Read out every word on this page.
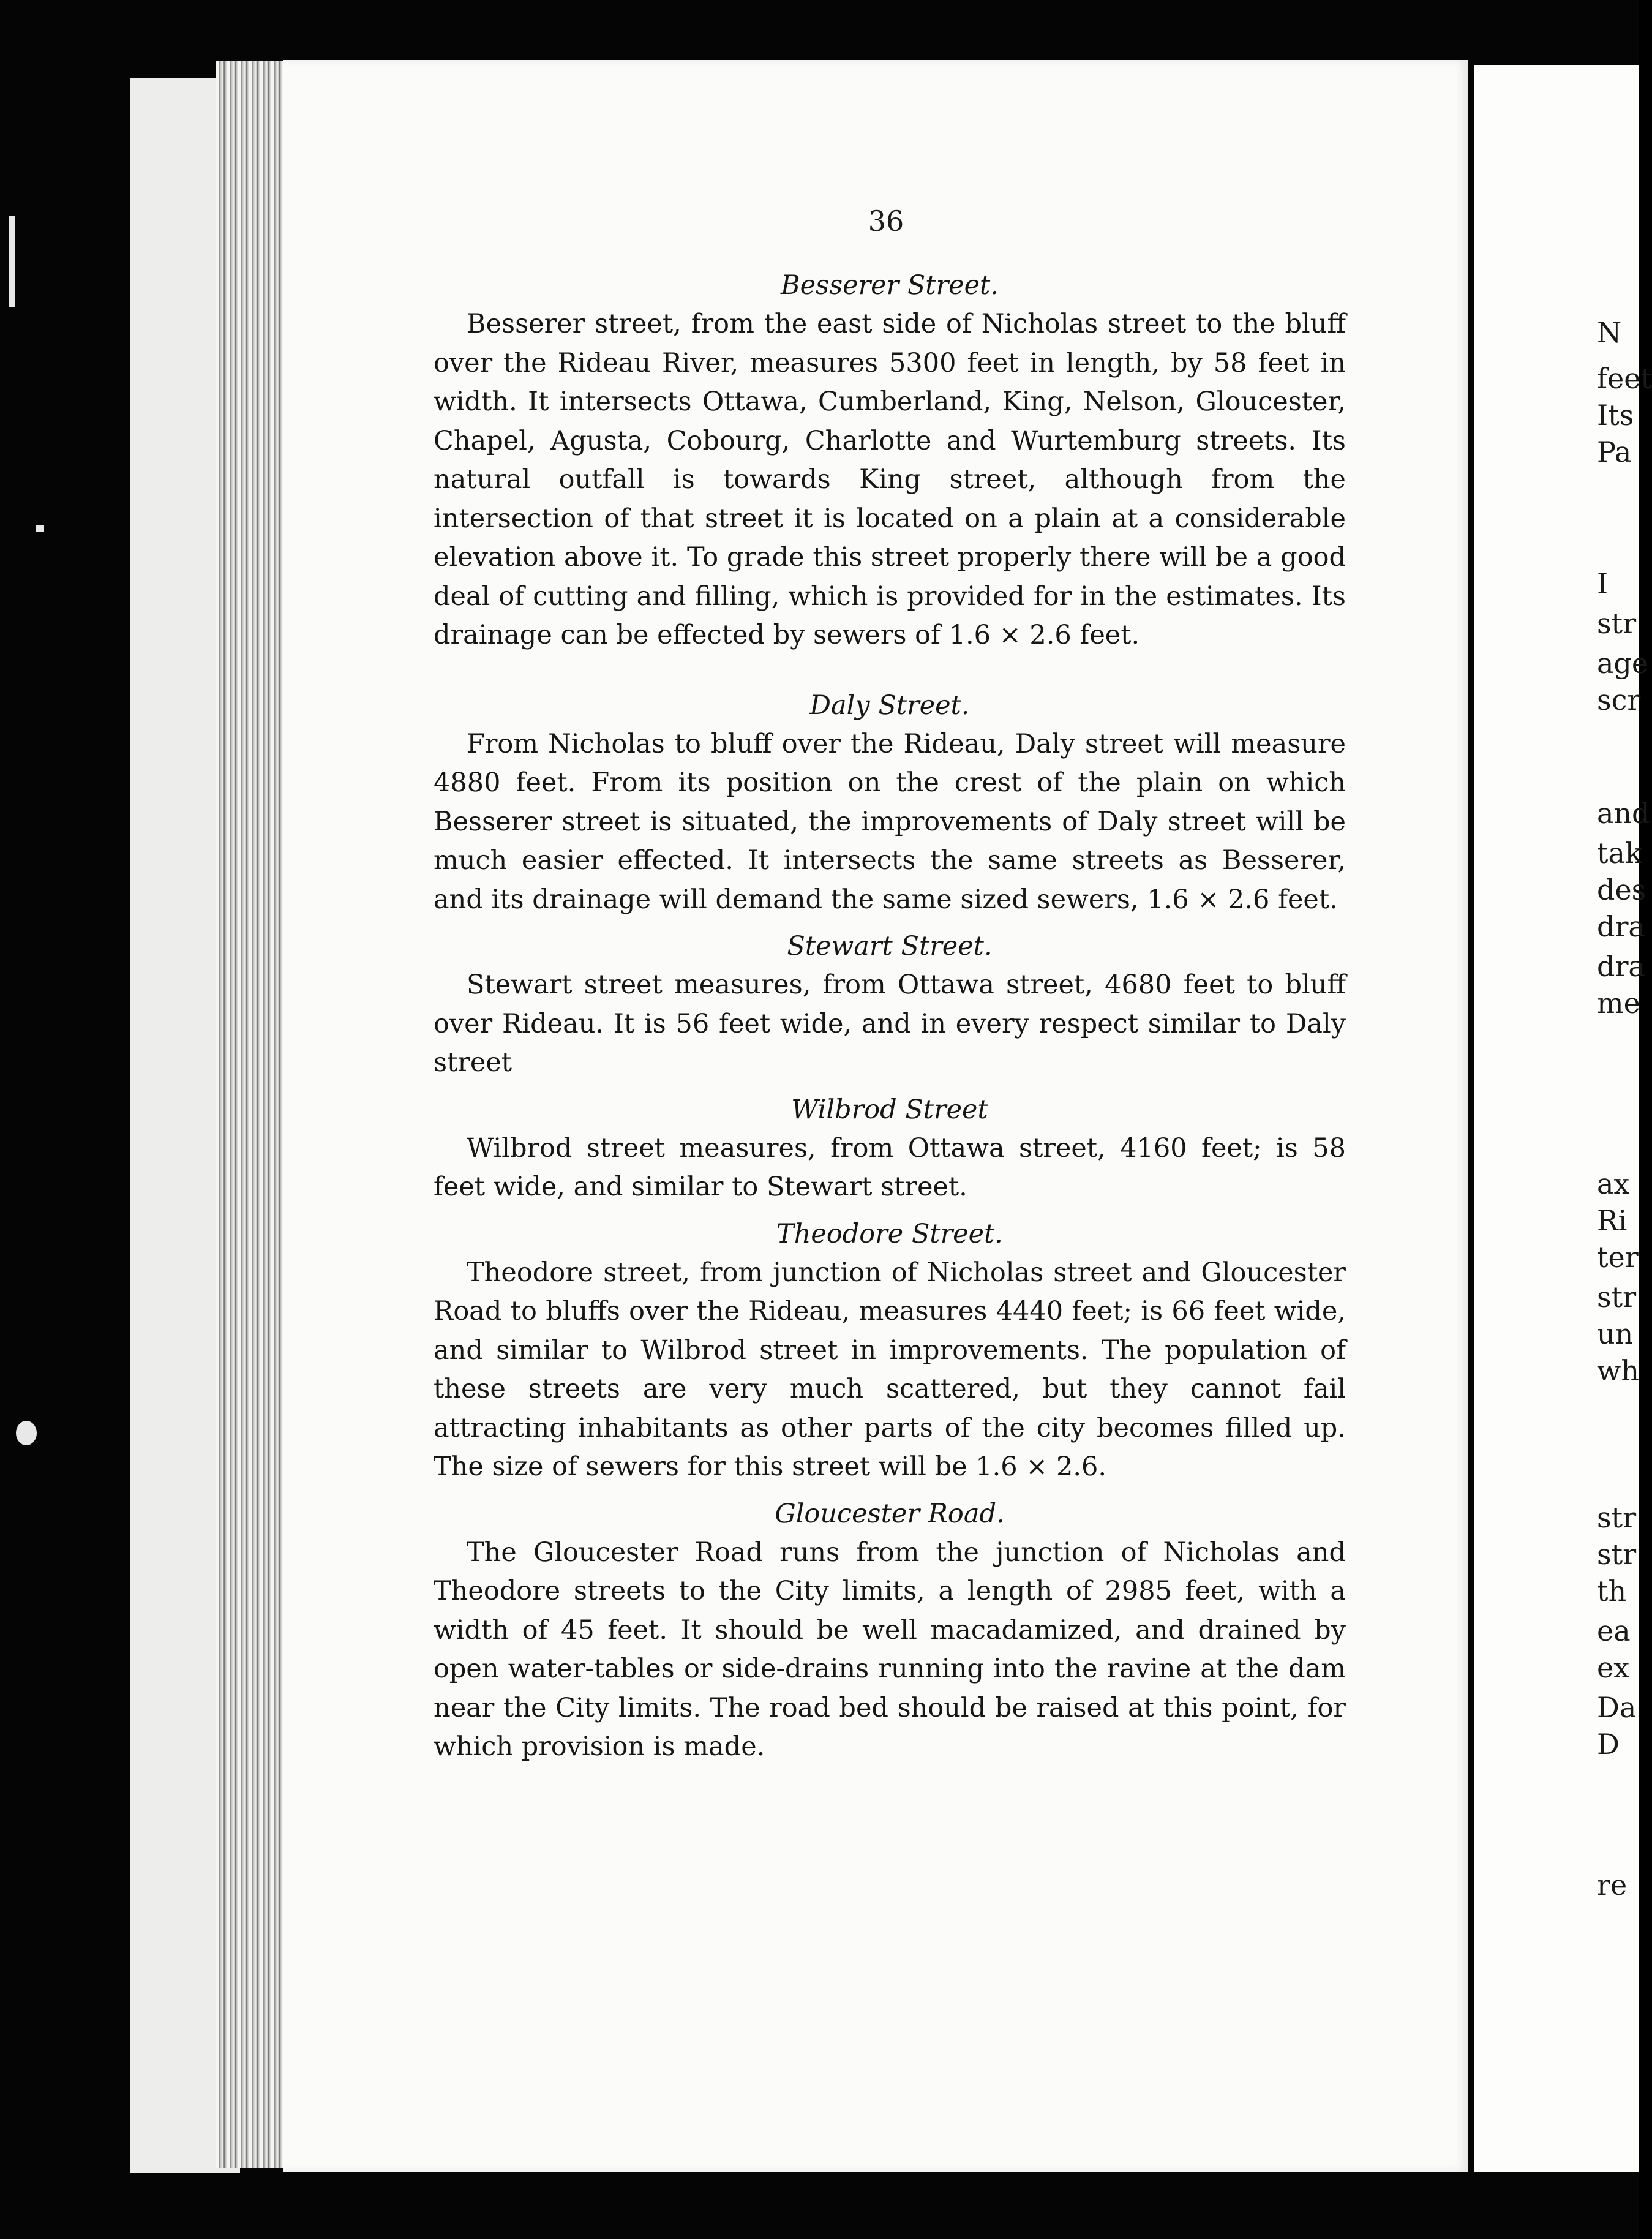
N
feet
Its
Pa
I
str
age
scr
and
tak
des
dra
dra
me
ax
Ri
ter
str
un
wh
str
str
th
ea
ex
Da
D
re
36

Besserer Street.

Besserer street, from the east side of Nicholas street to the bluff over the Rideau River, measures 5300 feet in length, by 58 feet in width. It intersects Ottawa, Cumberland, King, Nelson, Gloucester, Chapel, Agusta, Cobourg, Charlotte and Wurtemburg streets. Its natural outfall is towards King street, although from the intersection of that street it is located on a plain at a considerable elevation above it. To grade this street properly there will be a good deal of cutting and filling, which is provided for in the estimates. Its drainage can be effected by sewers of 1.6 × 2.6 feet.

Daly Street.

From Nicholas to bluff over the Rideau, Daly street will measure 4880 feet. From its position on the crest of the plain on which Besserer street is situated, the improvements of Daly street will be much easier effected. It intersects the same streets as Besserer, and its drainage will demand the same sized sewers, 1.6 × 2.6 feet.

Stewart Street.

Stewart street measures, from Ottawa street, 4680 feet to bluff over Rideau. It is 56 feet wide, and in every respect similar to Daly street

Wilbrod Street

Wilbrod street measures, from Ottawa street, 4160 feet; is 58 feet wide, and similar to Stewart street.

Theodore Street.

Theodore street, from junction of Nicholas street and Gloucester Road to bluffs over the Rideau, measures 4440 feet; is 66 feet wide, and similar to Wilbrod street in improvements. The population of these streets are very much scattered, but they cannot fail attracting inhabitants as other parts of the city becomes filled up. The size of sewers for this street will be 1.6 × 2.6.

Gloucester Road.

The Gloucester Road runs from the junction of Nicholas and Theodore streets to the City limits, a length of 2985 feet, with a width of 45 feet. It should be well macadamized, and drained by open water-tables or side-drains running into the ravine at the dam near the City limits. The road bed should be raised at this point, for which provision is made.
